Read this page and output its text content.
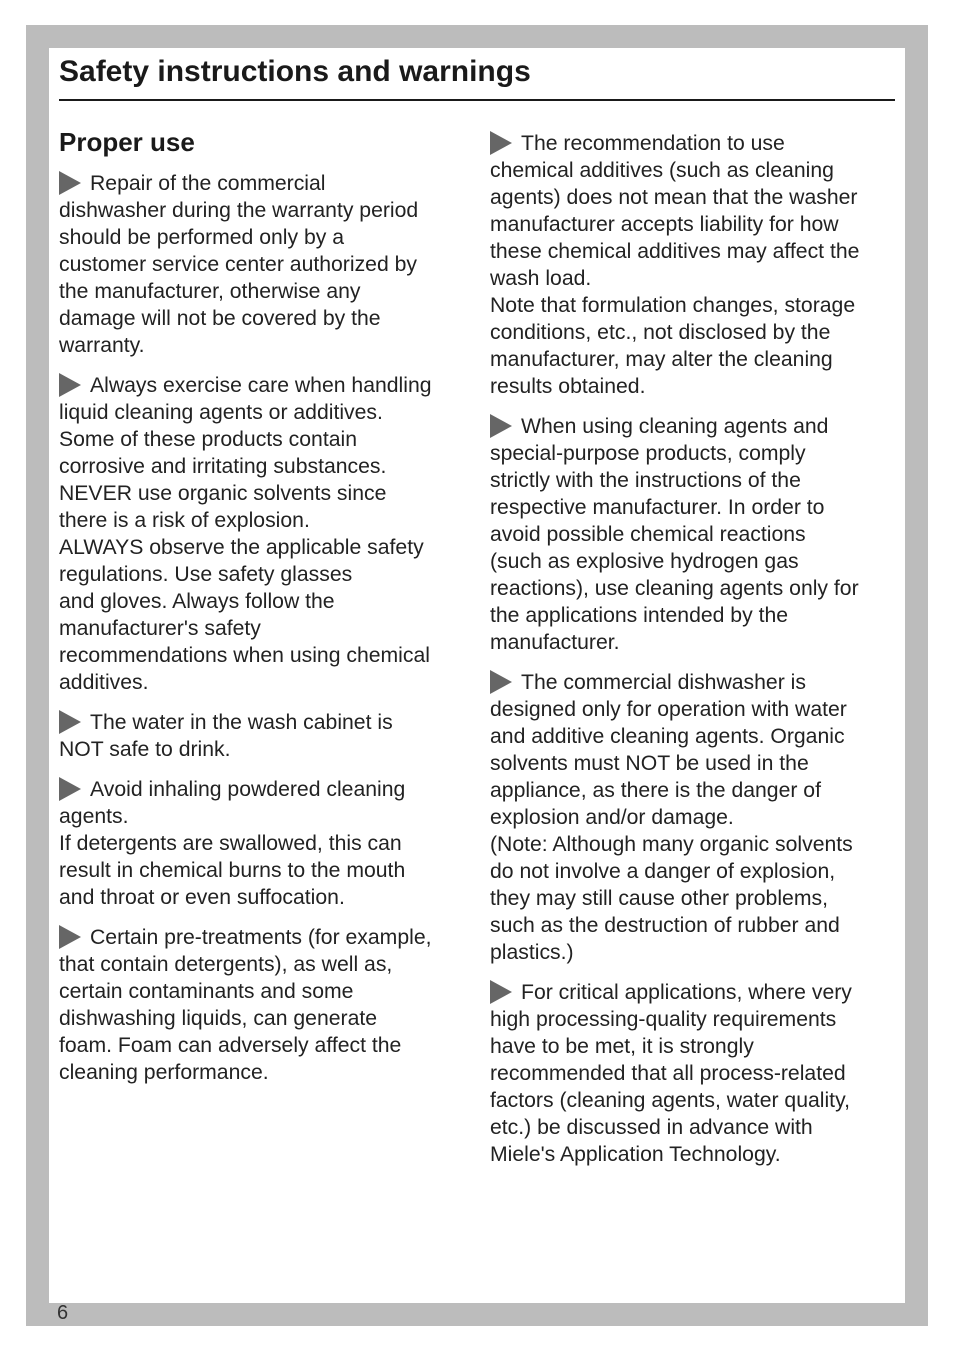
Safety instructions and warnings
Proper use

Repair of the commercial
dishwasher during the warranty period
should be performed only by a
customer service center authorized by
the manufacturer, otherwise any
damage will not be covered by the
warranty.

Always exercise care when handling
liquid cleaning agents or additives.
Some of these products contain
corrosive and irritating substances.
NEVER use organic solvents since
there is a risk of explosion.
ALWAYS observe the applicable safety
regulations. Use safety glasses
and gloves. Always follow the
manufacturer's safety
recommendations when using chemical
additives.

The water in the wash cabinet is
NOT safe to drink.

Avoid inhaling powdered cleaning
agents.
If detergents are swallowed, this can
result in chemical burns to the mouth
and throat or even suffocation.

Certain pre-treatments (for example,
that contain detergents), as well as,
certain contaminants and some
dishwashing liquids, can generate
foam. Foam can adversely affect the
cleaning performance.

The recommendation to use
chemical additives (such as cleaning
agents) does not mean that the washer
manufacturer accepts liability for how
these chemical additives may affect the
wash load.
Note that formulation changes, storage
conditions, etc., not disclosed by the
manufacturer, may alter the cleaning
results obtained.

When using cleaning agents and
special-purpose products, comply
strictly with the instructions of the
respective manufacturer. In order to
avoid possible chemical reactions
(such as explosive hydrogen gas
reactions), use cleaning agents only for
the applications intended by the
manufacturer.

The commercial dishwasher is
designed only for operation with water
and additive cleaning agents. Organic
solvents must NOT be used in the
appliance, as there is the danger of
explosion and/or damage.
(Note: Although many organic solvents
do not involve a danger of explosion,
they may still cause other problems,
such as the destruction of rubber and
plastics.)

For critical applications, where very
high processing-quality requirements
have to be met, it is strongly
recommended that all process-related
factors (cleaning agents, water quality,
etc.) be discussed in advance with
Miele's Application Technology.

6
